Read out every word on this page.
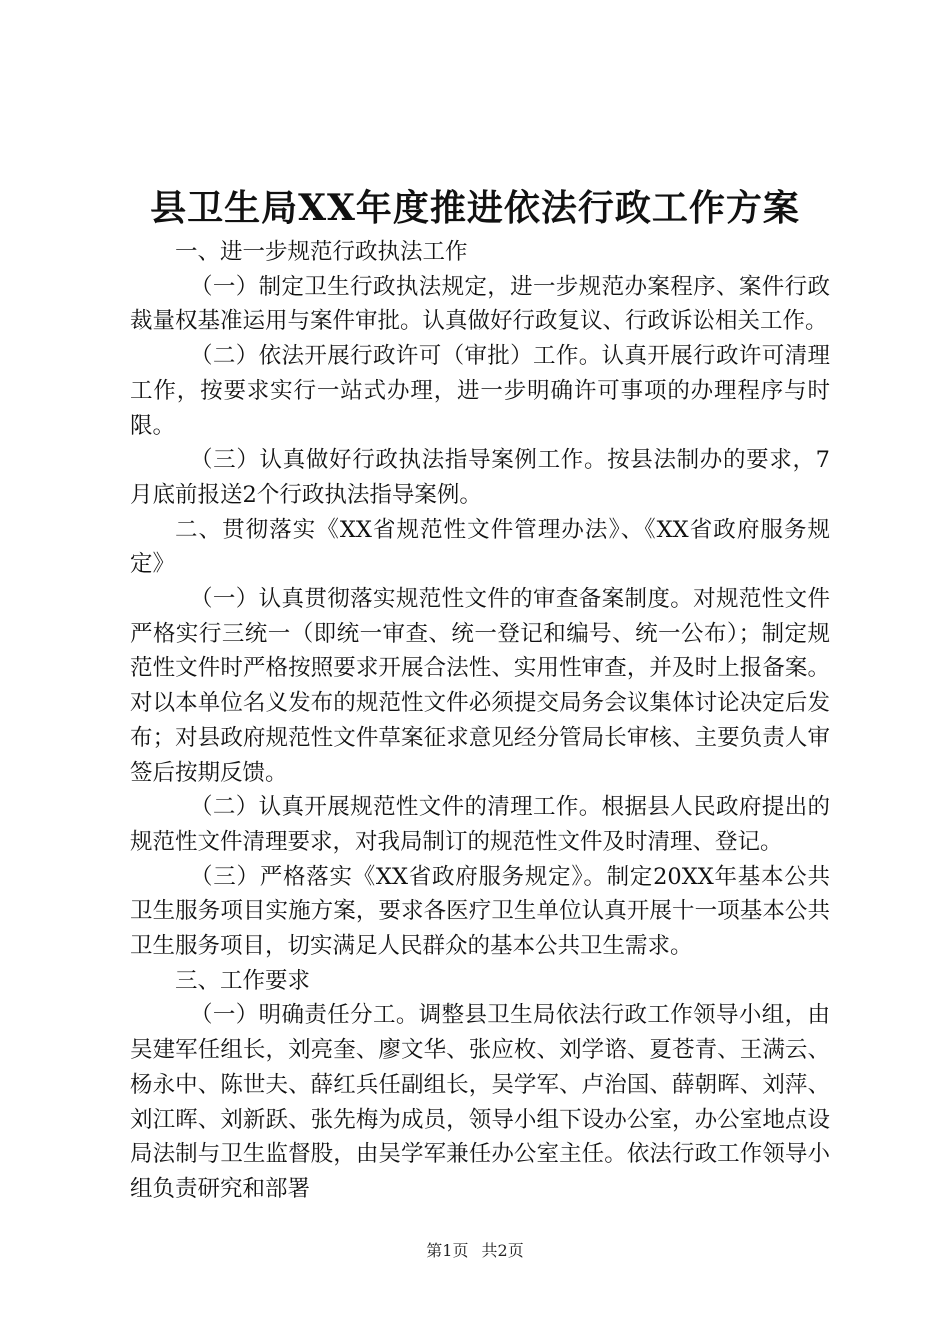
县卫生局XX年度推进依法行政工作方案

一、进一步规范行政执法工作

（一）制定卫生行政执法规定，进一步规范办案程序、案件行政裁量权基准运用与案件审批。认真做好行政复议、行政诉讼相关工作。

（二）依法开展行政许可（审批）工作。认真开展行政许可清理工作，按要求实行一站式办理，进一步明确许可事项的办理程序与时限。

（三）认真做好行政执法指导案例工作。按县法制办的要求，7月底前报送2个行政执法指导案例。

二、贯彻落实《XX省规范性文件管理办法》、《XX省政府服务规定》

（一）认真贯彻落实规范性文件的审查备案制度。对规范性文件严格实行三统一（即统一审查、统一登记和编号、统一公布）；制定规范性文件时严格按照要求开展合法性、实用性审查，并及时上报备案。对以本单位名义发布的规范性文件必须提交局务会议集体讨论决定后发布；对县政府规范性文件草案征求意见经分管局长审核、主要负责人审签后按期反馈。

（二）认真开展规范性文件的清理工作。根据县人民政府提出的规范性文件清理要求，对我局制订的规范性文件及时清理、登记。

（三）严格落实《XX省政府服务规定》。制定20XX年基本公共卫生服务项目实施方案，要求各医疗卫生单位认真开展十一项基本公共卫生服务项目，切实满足人民群众的基本公共卫生需求。

三、工作要求

（一）明确责任分工。调整县卫生局依法行政工作领导小组，由吴建军任组长，刘亮奎、廖文华、张应枚、刘学谘、夏苍青、王满云、杨永中、陈世夫、薛红兵任副组长，吴学军、卢治国、薛朝晖、刘萍、刘江晖、刘新跃、张先梅为成员，领导小组下设办公室，办公室地点设局法制与卫生监督股，由吴学军兼任办公室主任。依法行政工作领导小组负责研究和部署

第1页 共2页
